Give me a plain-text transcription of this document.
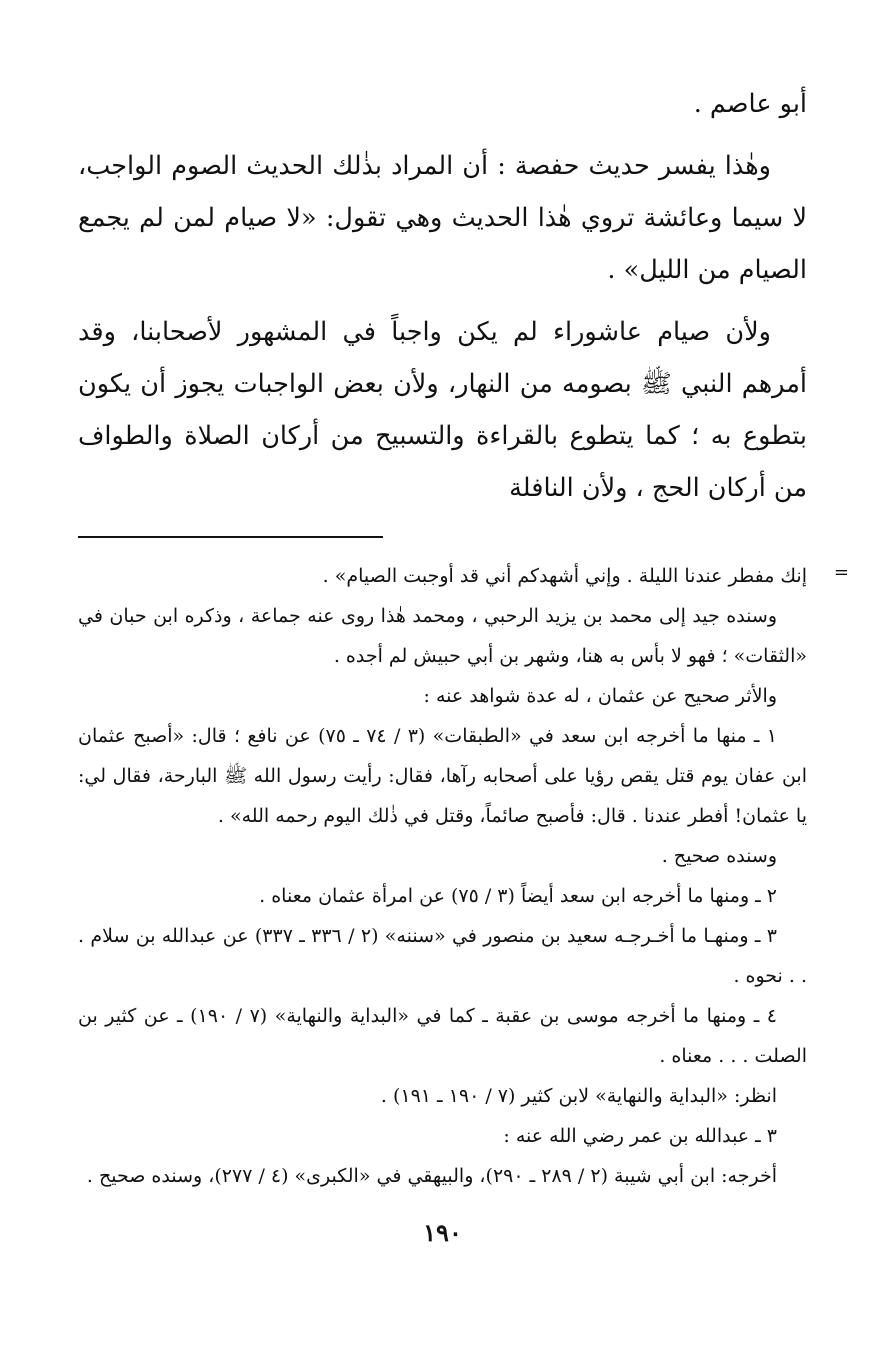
أبو عاصم .

وهٰذا يفسر حديث حفصة : أن المراد بذٰلك الحديث الصوم الواجب، لا سيما وعائشة تروي هٰذا الحديث وهي تقول: «لا صيام لمن لم يجمع الصيام من الليل» .

ولأن صيام عاشوراء لم يكن واجباً في المشهور لأصحابنا، وقد أمرهم النبي ﷺ بصومه من النهار، ولأن بعض الواجبات يجوز أن يكون بتطوع به ؛ كما يتطوع بالقراءة والتسبيح من أركان الصلاة والطواف من أركان الحج ، ولأن النافلة

=

إنك مفطر عندنا الليلة . وإني أشهدكم أني قد أوجبت الصيام» .

وسنده جيد إلى محمد بن يزيد الرحبي ، ومحمد هٰذا روى عنه جماعة ، وذكره ابن حبان في «الثقات» ؛ فهو لا بأس به هنا، وشهر بن أبي حبيش لم أجده .

والأثر صحيح عن عثمان ، له عدة شواهد عنه :

١ ـ منها ما أخرجه ابن سعد في «الطبقات» (٣ / ٧٤ ـ ٧٥) عن نافع ؛ قال: «أصبح عثمان ابن عفان يوم قتل يقص رؤيا على أصحابه رآها، فقال: رأيت رسول الله ﷺ البارحة، فقال لي: يا عثمان! أفطر عندنا . قال: فأصبح صائماً، وقتل في ذٰلك اليوم رحمه الله» .

وسنده صحيح .

٢ ـ ومنها ما أخرجه ابن سعد أيضاً (٣ / ٧٥) عن امرأة عثمان معناه .

٣ ـ ومنهـا ما أخـرجـه سعيد بن منصور في «سننه» (٢ / ٣٣٦ ـ ٣٣٧) عن عبدالله بن سلام . . . نحوه .

٤ ـ ومنها ما أخرجه موسى بن عقبة ـ كما في «البداية والنهاية» (٧ / ١٩٠) ـ عن كثير بن الصلت . . . معناه .

انظر: «البداية والنهاية» لابن كثير (٧ / ١٩٠ ـ ١٩١) .

٣ ـ عبدالله بن عمر رضي الله عنه :

أخرجه: ابن أبي شيبة (٢ / ٢٨٩ ـ ٢٩٠)، والبيهقي في «الكبرى» (٤ / ٢٧٧)، وسنده صحيح .

١٩٠
